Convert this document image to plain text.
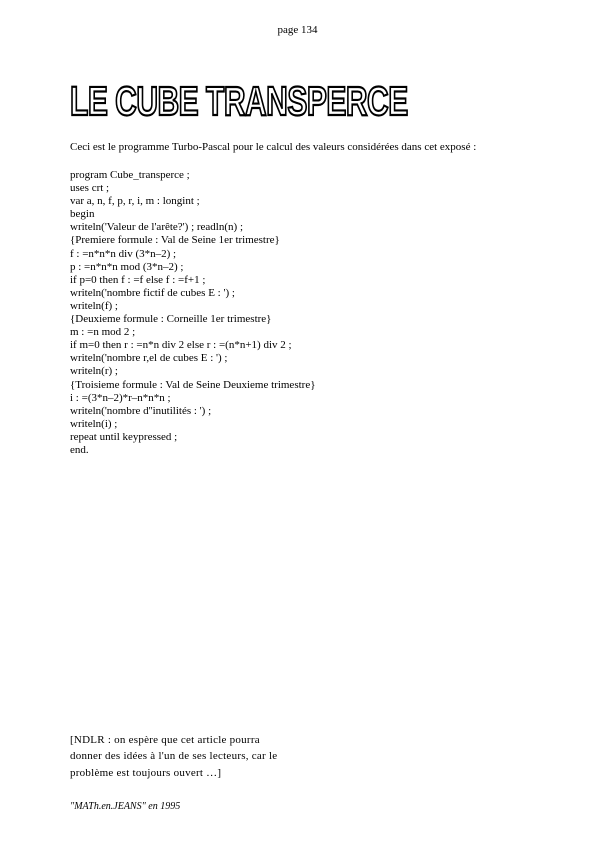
page 134
LE CUBE TRANSPERCE
Ceci est le programme Turbo-Pascal pour le calcul des valeurs considérées dans cet exposé :
program Cube_transperce ;
uses crt ;
var a, n, f, p, r, i, m : longint ;
begin
writeln('Valeur de l'arête?') ; readln(n) ;
{Premiere formule : Val de Seine 1er trimestre}
f : =n*n*n div (3*n–2) ;
p : =n*n*n mod (3*n–2) ;
if p=0 then f : =f else f : =f+1 ;
writeln('nombre fictif de cubes E : ') ;
writeln(f) ;
{Deuxieme formule : Corneille 1er trimestre}
m : =n mod 2 ;
if m=0 then r : =n*n div 2 else r : =(n*n+1) div 2 ;
writeln('nombre r,el de cubes E : ') ;
writeln(r) ;
{Troisieme formule : Val de Seine Deuxieme trimestre}
i : =(3*n–2)*r–n*n*n ;
writeln('nombre d''inutilités : ') ;
writeln(i) ;
repeat until keypressed ;
end.
[NDLR : on espère que cet article pourra
donner des idées à l'un de ses lecteurs, car le
problème est toujours ouvert …]
"MATh.en.JEANS" en 1995
